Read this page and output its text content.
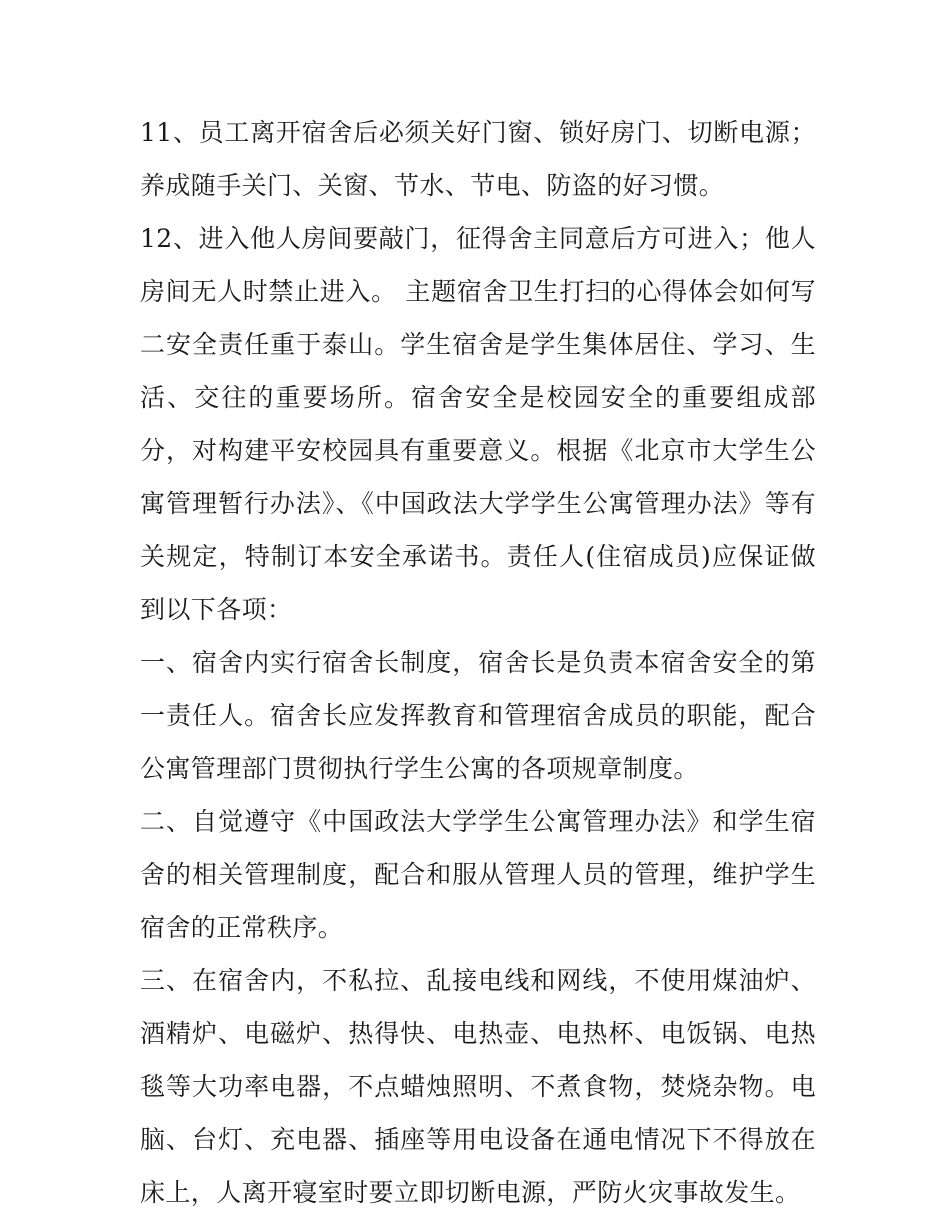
11、员工离开宿舍后必须关好门窗、锁好房门、切断电源；养成随手关门、关窗、节水、节电、防盗的好习惯。

12、进入他人房间要敲门，征得舍主同意后方可进入；他人房间无人时禁止进入。 主题宿舍卫生打扫的心得体会如何写二安全责任重于泰山。学生宿舍是学生集体居住、学习、生活、交往的重要场所。宿舍安全是校园安全的重要组成部分，对构建平安校园具有重要意义。根据《北京市大学生公寓管理暂行办法》、《中国政法大学学生公寓管理办法》等有关规定，特制订本安全承诺书。责任人(住宿成员)应保证做到以下各项：

一、宿舍内实行宿舍长制度，宿舍长是负责本宿舍安全的第一责任人。宿舍长应发挥教育和管理宿舍成员的职能，配合公寓管理部门贯彻执行学生公寓的各项规章制度。

二、自觉遵守《中国政法大学学生公寓管理办法》和学生宿舍的相关管理制度，配合和服从管理人员的管理，维护学生宿舍的正常秩序。

三、在宿舍内，不私拉、乱接电线和网线，不使用煤油炉、酒精炉、电磁炉、热得快、电热壶、电热杯、电饭锅、电热毯等大功率电器，不点蜡烛照明、不煮食物，焚烧杂物。电脑、台灯、充电器、插座等用电设备在通电情况下不得放在床上，人离开寝室时要立即切断电源，严防火灾事故发生。
